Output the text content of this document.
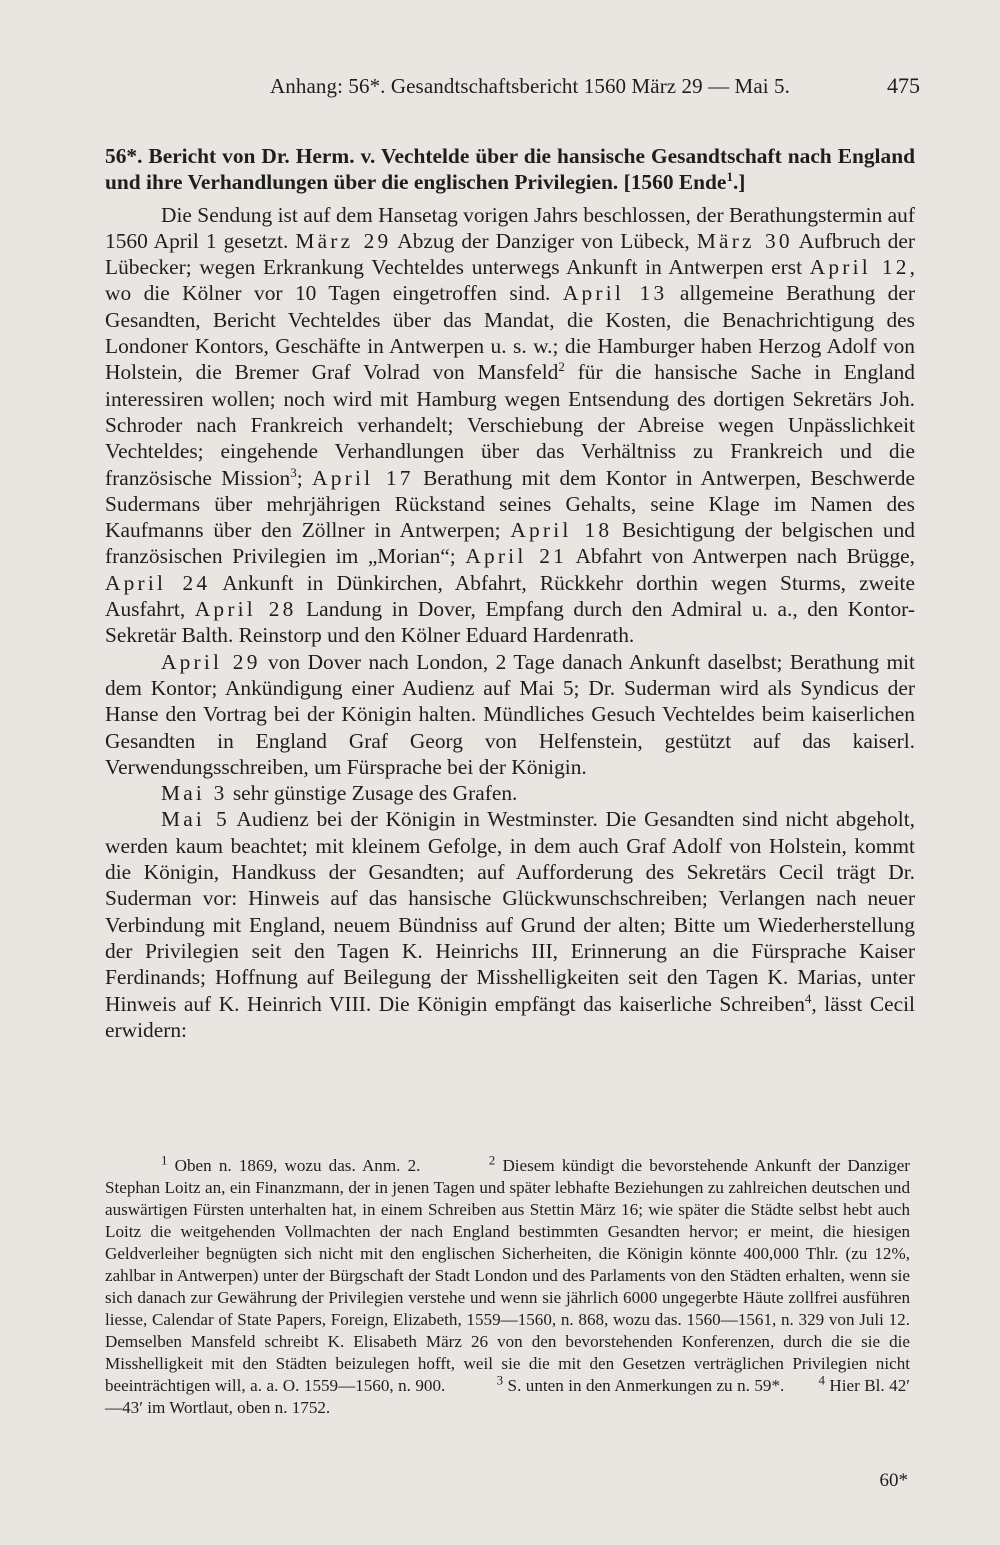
Anhang: 56*. Gesandtschaftsbericht 1560 März 29 — Mai 5.	475

56*. Bericht von Dr. Herm. v. Vechtelde über die hansische Gesandtschaft nach England und ihre Verhandlungen über die englischen Privilegien. [1560 Ende$^1$.]

Die Sendung ist auf dem Hansetag vorigen Jahrs beschlossen, der Berathungstermin auf 1560 April 1 gesetzt. März 29 Abzug der Danziger von Lübeck, März 30 Aufbruch der Lübecker; wegen Erkrankung Vechteldes unterwegs Ankunft in Antwerpen erst April 12, wo die Kölner vor 10 Tagen eingetroffen sind. April 13 allgemeine Berathung der Gesandten, Bericht Vechteldes über das Mandat, die Kosten, die Benachrichtigung des Londoner Kontors, Geschäfte in Antwerpen u. s. w.; die Hamburger haben Herzog Adolf von Holstein, die Bremer Graf Volrad von Mansfeld$^2$ für die hansische Sache in England interessiren wollen; noch wird mit Hamburg wegen Entsendung des dortigen Sekretärs Joh. Schroder nach Frankreich verhandelt; Verschiebung der Abreise wegen Unpässlichkeit Vechteldes; eingehende Verhandlungen über das Verhältniss zu Frankreich und die französische Mission$^3$; April 17 Berathung mit dem Kontor in Antwerpen, Beschwerde Sudermans über mehrjährigen Rückstand seines Gehalts, seine Klage im Namen des Kaufmanns über den Zöllner in Antwerpen; April 18 Besichtigung der belgischen und französischen Privilegien im „Morian“; April 21 Abfahrt von Antwerpen nach Brügge, April 24 Ankunft in Dünkirchen, Abfahrt, Rückkehr dorthin wegen Sturms, zweite Ausfahrt, April 28 Landung in Dover, Empfang durch den Admiral u. a., den Kontor-Sekretär Balth. Reinstorp und den Kölner Eduard Hardenrath.

April 29 von Dover nach London, 2 Tage danach Ankunft daselbst; Berathung mit dem Kontor; Ankündigung einer Audienz auf Mai 5; Dr. Suderman wird als Syndicus der Hanse den Vortrag bei der Königin halten. Mündliches Gesuch Vechteldes beim kaiserlichen Gesandten in England Graf Georg von Helfenstein, gestützt auf das kaiserl. Verwendungsschreiben, um Fürsprache bei der Königin.

Mai 3 sehr günstige Zusage des Grafen.

Mai 5 Audienz bei der Königin in Westminster. Die Gesandten sind nicht abgeholt, werden kaum beachtet; mit kleinem Gefolge, in dem auch Graf Adolf von Holstein, kommt die Königin, Handkuss der Gesandten; auf Aufforderung des Sekretärs Cecil trägt Dr. Suderman vor: Hinweis auf das hansische Glückwunschschreiben; Verlangen nach neuer Verbindung mit England, neuem Bündniss auf Grund der alten; Bitte um Wiederherstellung der Privilegien seit den Tagen K. Heinrichs III, Erinnerung an die Fürsprache Kaiser Ferdinands; Hoffnung auf Beilegung der Misshelligkeiten seit den Tagen K. Marias, unter Hinweis auf K. Heinrich VIII. Die Königin empfängt das kaiserliche Schreiben$^4$, lässt Cecil erwidern:

$^1$ Oben n. 1869, wozu das. Anm. 2.    	$^2$ Diesem kündigt die bevorstehende Ankunft der Danziger Stephan Loitz an, ein Finanzmann, der in jenen Tagen und später lebhafte Beziehungen zu zahlreichen deutschen und auswärtigen Fürsten unterhalten hat, in einem Schreiben aus Stettin März 16; wie später die Städte selbst hebt auch Loitz die weitgehenden Vollmachten der nach England bestimmten Gesandten hervor; er meint, die hiesigen Geldverleiher begnügten sich nicht mit den englischen Sicherheiten, die Königin könnte 400,000 Thlr. (zu 12%, zahlbar in Antwerpen) unter der Bürgschaft der Stadt London und des Parlaments von den Städten erhalten, wenn sie sich danach zur Gewährung der Privilegien verstehe und wenn sie jährlich 6000 ungegerbte Häute zollfrei ausführen liesse, Calendar of State Papers, Foreign, Elizabeth, 1559—1560, n. 868, wozu das. 1560—1561, n. 329 von Juli 12. Demselben Mansfeld schreibt K. Elisabeth März 26 von den bevorstehenden Konferenzen, durch die sie die Misshelligkeit mit den Städten beizulegen hofft, weil sie die mit den Gesetzen verträglichen Privilegien nicht beeinträchtigen will, a. a. O. 1559—1560, n. 900.   	$^3$ S. unten in den Anmerkungen zu n. 59*.  	$^4$ Hier Bl. 42′—43′ im Wortlaut, oben n. 1752.

60*
